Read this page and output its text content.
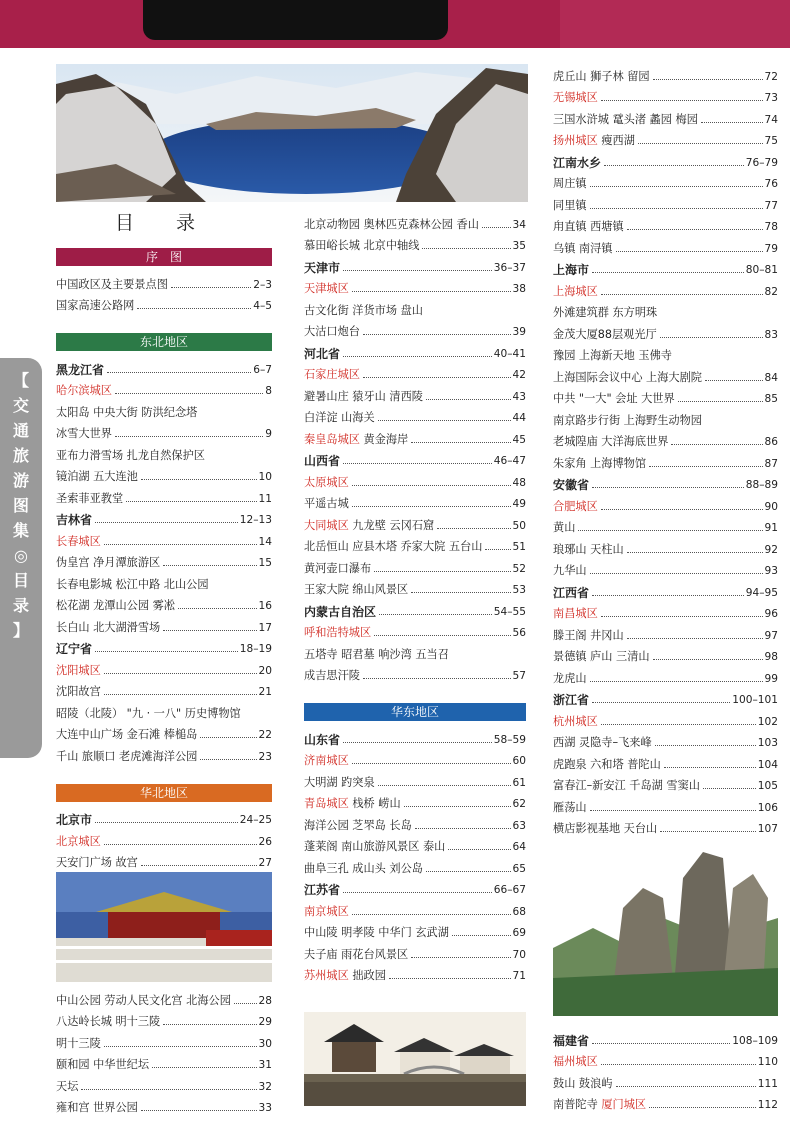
目 录
【
交
通
旅
游
图
集
◎
目
录
】
序　图
中国政区及主要景点图	2–3
国家高速公路网	4–5
东北地区
黑龙江省	6–7
哈尔滨城区	8
太阳岛 中央大街 防洪纪念塔
冰雪大世界	9
亚布力滑雪场 扎龙自然保护区
镜泊湖 五大连池	10
圣索菲亚教堂	11
吉林省	12–13
长春城区	14
伪皇宫 净月潭旅游区	15
长春电影城 松江中路 北山公园
松花湖 龙潭山公园 雾凇	16
长白山 北大湖滑雪场	17
辽宁省	18–19
沈阳城区	20
沈阳故宫	21
昭陵（北陵） "九 · 一八" 历史博物馆
大连中山广场 金石滩 棒槌岛	22
千山 旅顺口 老虎滩海洋公园	23
华北地区
北京市	24–25
北京城区	26
天安门广场 故宫	27
中山公园 劳动人民文化宫 北海公园	28
八达岭长城 明十三陵	29
明十三陵	30
颐和园 中华世纪坛	31
天坛	32
雍和宫 世界公园	33
北京动物园 奥林匹克森林公园 香山	34
慕田峪长城 北京中轴线	35
天津市	36–37
天津城区	38
古文化街 洋货市场 盘山
大沽口炮台	39
河北省	40–41
石家庄城区	42
避暑山庄 猿牙山 清西陵	43
白洋淀 山海关	44
秦皇岛城区 黄金海岸	45
山西省	46–47
太原城区	48
平遥古城	49
大同城区 九龙壁 云冈石窟	50
北岳恒山 应县木塔 乔家大院 五台山	51
黄河壶口瀑布	52
王家大院 绵山风景区	53
内蒙古自治区	54–55
呼和浩特城区	56
五塔寺 昭君墓 响沙湾 五当召
成吉思汗陵	57
华东地区
山东省	58–59
济南城区	60
大明湖 趵突泉	61
青岛城区 栈桥 崂山	62
海洋公园 芝罘岛 长岛	63
蓬莱阁 南山旅游风景区 泰山	64
曲阜三孔 成山头 刘公岛	65
江苏省	66–67
南京城区	68
中山陵 明孝陵 中华门 玄武湖	69
夫子庙 雨花台风景区	70
苏州城区 拙政园	71
虎丘山 狮子林 留园	72
无锡城区	73
三国水浒城 鼋头渚 蠡园 梅园	74
扬州城区 瘦西湖	75
江南水乡	76–79
周庄镇	76
同里镇	77
甪直镇 西塘镇	78
乌镇 南浔镇	79
上海市	80–81
上海城区	82
外滩建筑群 东方明珠
金茂大厦88层观光厅	83
豫园 上海新天地 玉佛寺
上海国际会议中心 上海大剧院	84
中共 "一大" 会址 大世界	85
南京路步行街 上海野生动物园
老城隍庙 大洋海底世界	86
朱家角 上海博物馆	87
安徽省	88–89
合肥城区	90
黄山	91
琅琊山 天柱山	92
九华山	93
江西省	94–95
南昌城区	96
滕王阁 井冈山	97
景德镇 庐山 三清山	98
龙虎山	99
浙江省	100–101
杭州城区	102
西湖 灵隐寺–飞来峰	103
虎跑泉 六和塔 普陀山	104
富春江–新安江 千岛湖 雪窦山	105
雁荡山	106
横店影视基地 天台山	107
福建省	108–109
福州城区	110
鼓山 鼓浪屿	111
南普陀寺 厦门城区	112
